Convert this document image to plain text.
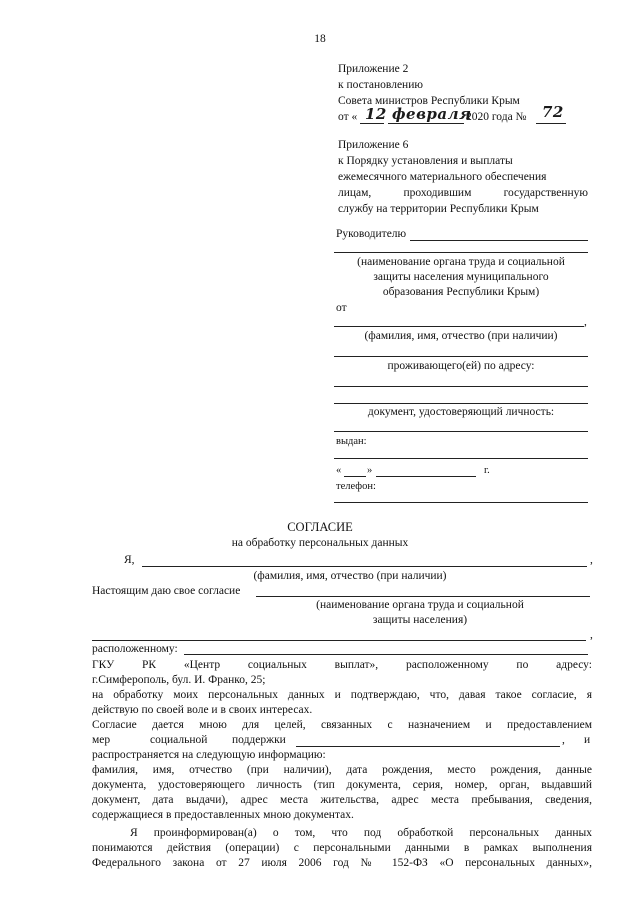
18
Приложение 2
к постановлению
Совета министров Республики Крым
от « 12 февраля
2020 года № 72
Приложение 6
к Порядку установления и выплаты
ежемесячного материального обеспечения
лицам,	проходившим	государственную
службу на территории Республики Крым
Руководителю
(наименование органа труда и социальной
защиты населения муниципального
образования Республики Крым)
от
,
(фамилия, имя, отчество (при наличии)
проживающего(ей) по адресу:
документ, удостоверяющий личность:
выдан:
« »	г.
телефон:
СОГЛАСИЕ
на обработку персональных данных
Я,	,
(фамилия, имя, отчество (при наличии)
Настоящим даю свое согласие
(наименование органа труда и социальной
защиты населения)
,
расположенному:
ГКУ РК «Центр социальных выплат», расположенному по адресу:
г.Симферополь, бул. И. Франко, 25;
на обработку моих персональных данных и подтверждаю, что, давая такое согласие, я
действую по своей воле и в своих интересах.
Согласие дается мною для целей, связанных с назначением и предоставлением
мер	социальной поддержки	, и
распространяется на следующую информацию:
фамилия, имя, отчество (при наличии), дата рождения, место рождения, данные
документа, удостоверяющего личность (тип документа, серия, номер, орган, выдавший
документ, дата выдачи), адрес места жительства, адрес места пребывания, сведения,
содержащиеся в предоставленных мною документах.
Я проинформирован(а) о том, что под обработкой персональных данных
понимаются действия (операции) с персональными данными в рамках выполнения
Федерального закона от 27 июля 2006 год № 152-ФЗ «О персональных данных»,
